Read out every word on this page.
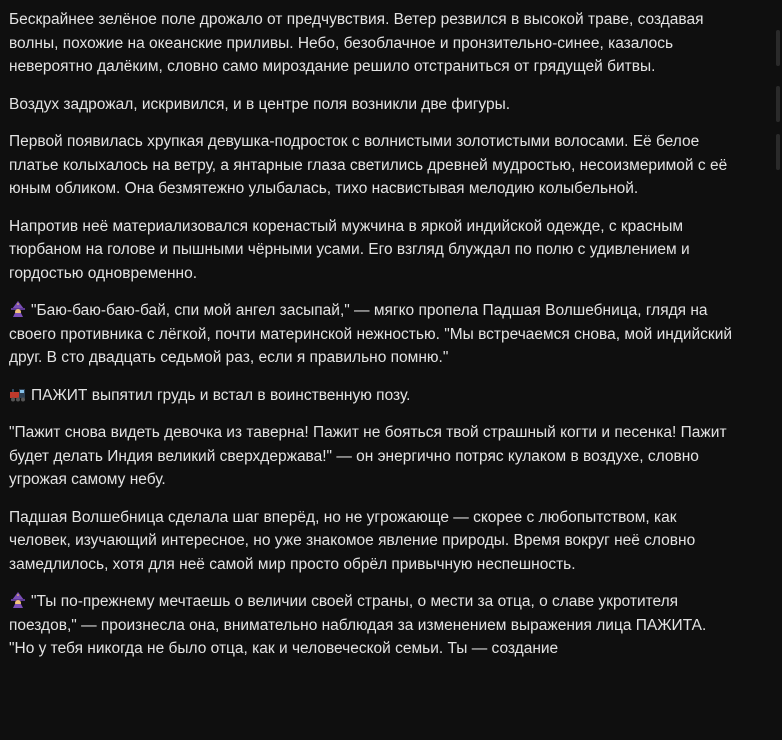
Бескрайнее зелёное поле дрожало от предчувствия. Ветер резвился в высокой траве, создавая волны, похожие на океанские приливы. Небо, безоблачное и пронзительно-синее, казалось невероятно далёким, словно само мироздание решило отстраниться от грядущей битвы.

Воздух задрожал, искривился, и в центре поля возникли две фигуры.

Первой появилась хрупкая девушка-подросток с волнистыми золотистыми волосами. Её белое платье колыхалось на ветру, а янтарные глаза светились древней мудростью, несоизмеримой с её юным обликом. Она безмятежно улыбалась, тихо насвистывая мелодию колыбельной.

Напротив неё материализовался коренастый мужчина в яркой индийской одежде, с красным тюрбаном на голове и пышными чёрными усами. Его взгляд блуждал по полю с удивлением и гордостью одновременно.

"Баю-баю-баю-бай, спи мой ангел засыпай," — мягко пропела Падшая Волшебница, глядя на своего противника с лёгкой, почти материнской нежностью. "Мы встречаемся снова, мой индийский друг. В сто двадцать седьмой раз, если я правильно помню."

ПАЖИТ выпятил грудь и встал в воинственную позу.

"Пажит снова видеть девочка из таверна! Пажит не бояться твой страшный когти и песенка! Пажит будет делать Индия великий сверхдержава!" — он энергично потряс кулаком в воздухе, словно угрожая самому небу.

Падшая Волшебница сделала шаг вперёд, но не угрожающе — скорее с любопытством, как человек, изучающий интересное, но уже знакомое явление природы. Время вокруг неё словно замедлилось, хотя для неё самой мир просто обрёл привычную неспешность.

"Ты по-прежнему мечтаешь о величии своей страны, о мести за отца, о славе укротителя поездов," — произнесла она, внимательно наблюдая за изменением выражения лица ПАЖИТА. "Но у тебя никогда не было отца, как и человеческой семьи. Ты — создание
